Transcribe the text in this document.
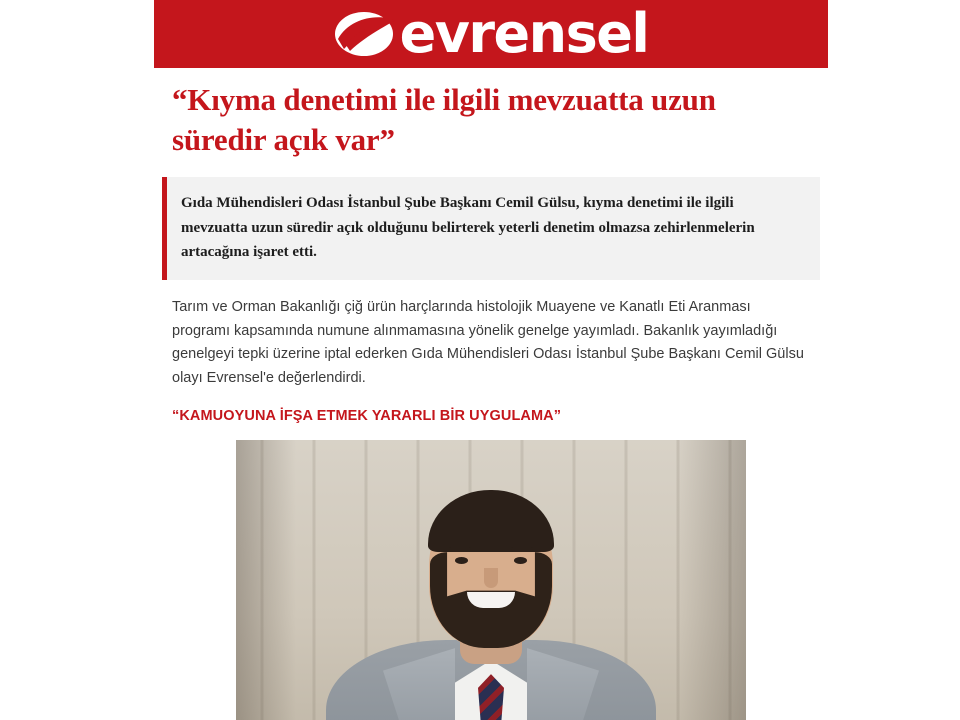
evrensel
“Kıyma denetimi ile ilgili mevzuatta uzun süredir açık var”

Gıda Mühendisleri Odası İstanbul Şube Başkanı Cemil Gülsu, kıyma denetimi ile ilgili mevzuatta uzun süredir açık olduğunu belirterek yeterli denetim olmazsa zehirlenmelerin artacağına işaret etti.

Tarım ve Orman Bakanlığı çiğ ürün harçlarında histolojik Muayene ve Kanatlı Eti Aranması programı kapsamında numune alınmamasına yönelik genelge yayımladı. Bakanlık yayımladığı genelgeyi tepki üzerine iptal ederken Gıda Mühendisleri Odası İstanbul Şube Başkanı Cemil Gülsu olayı Evrensel'e değerlendirdi.

“KAMUOYUNA İFŞA ETMEK YARARLI BİR UYGULAMA”
